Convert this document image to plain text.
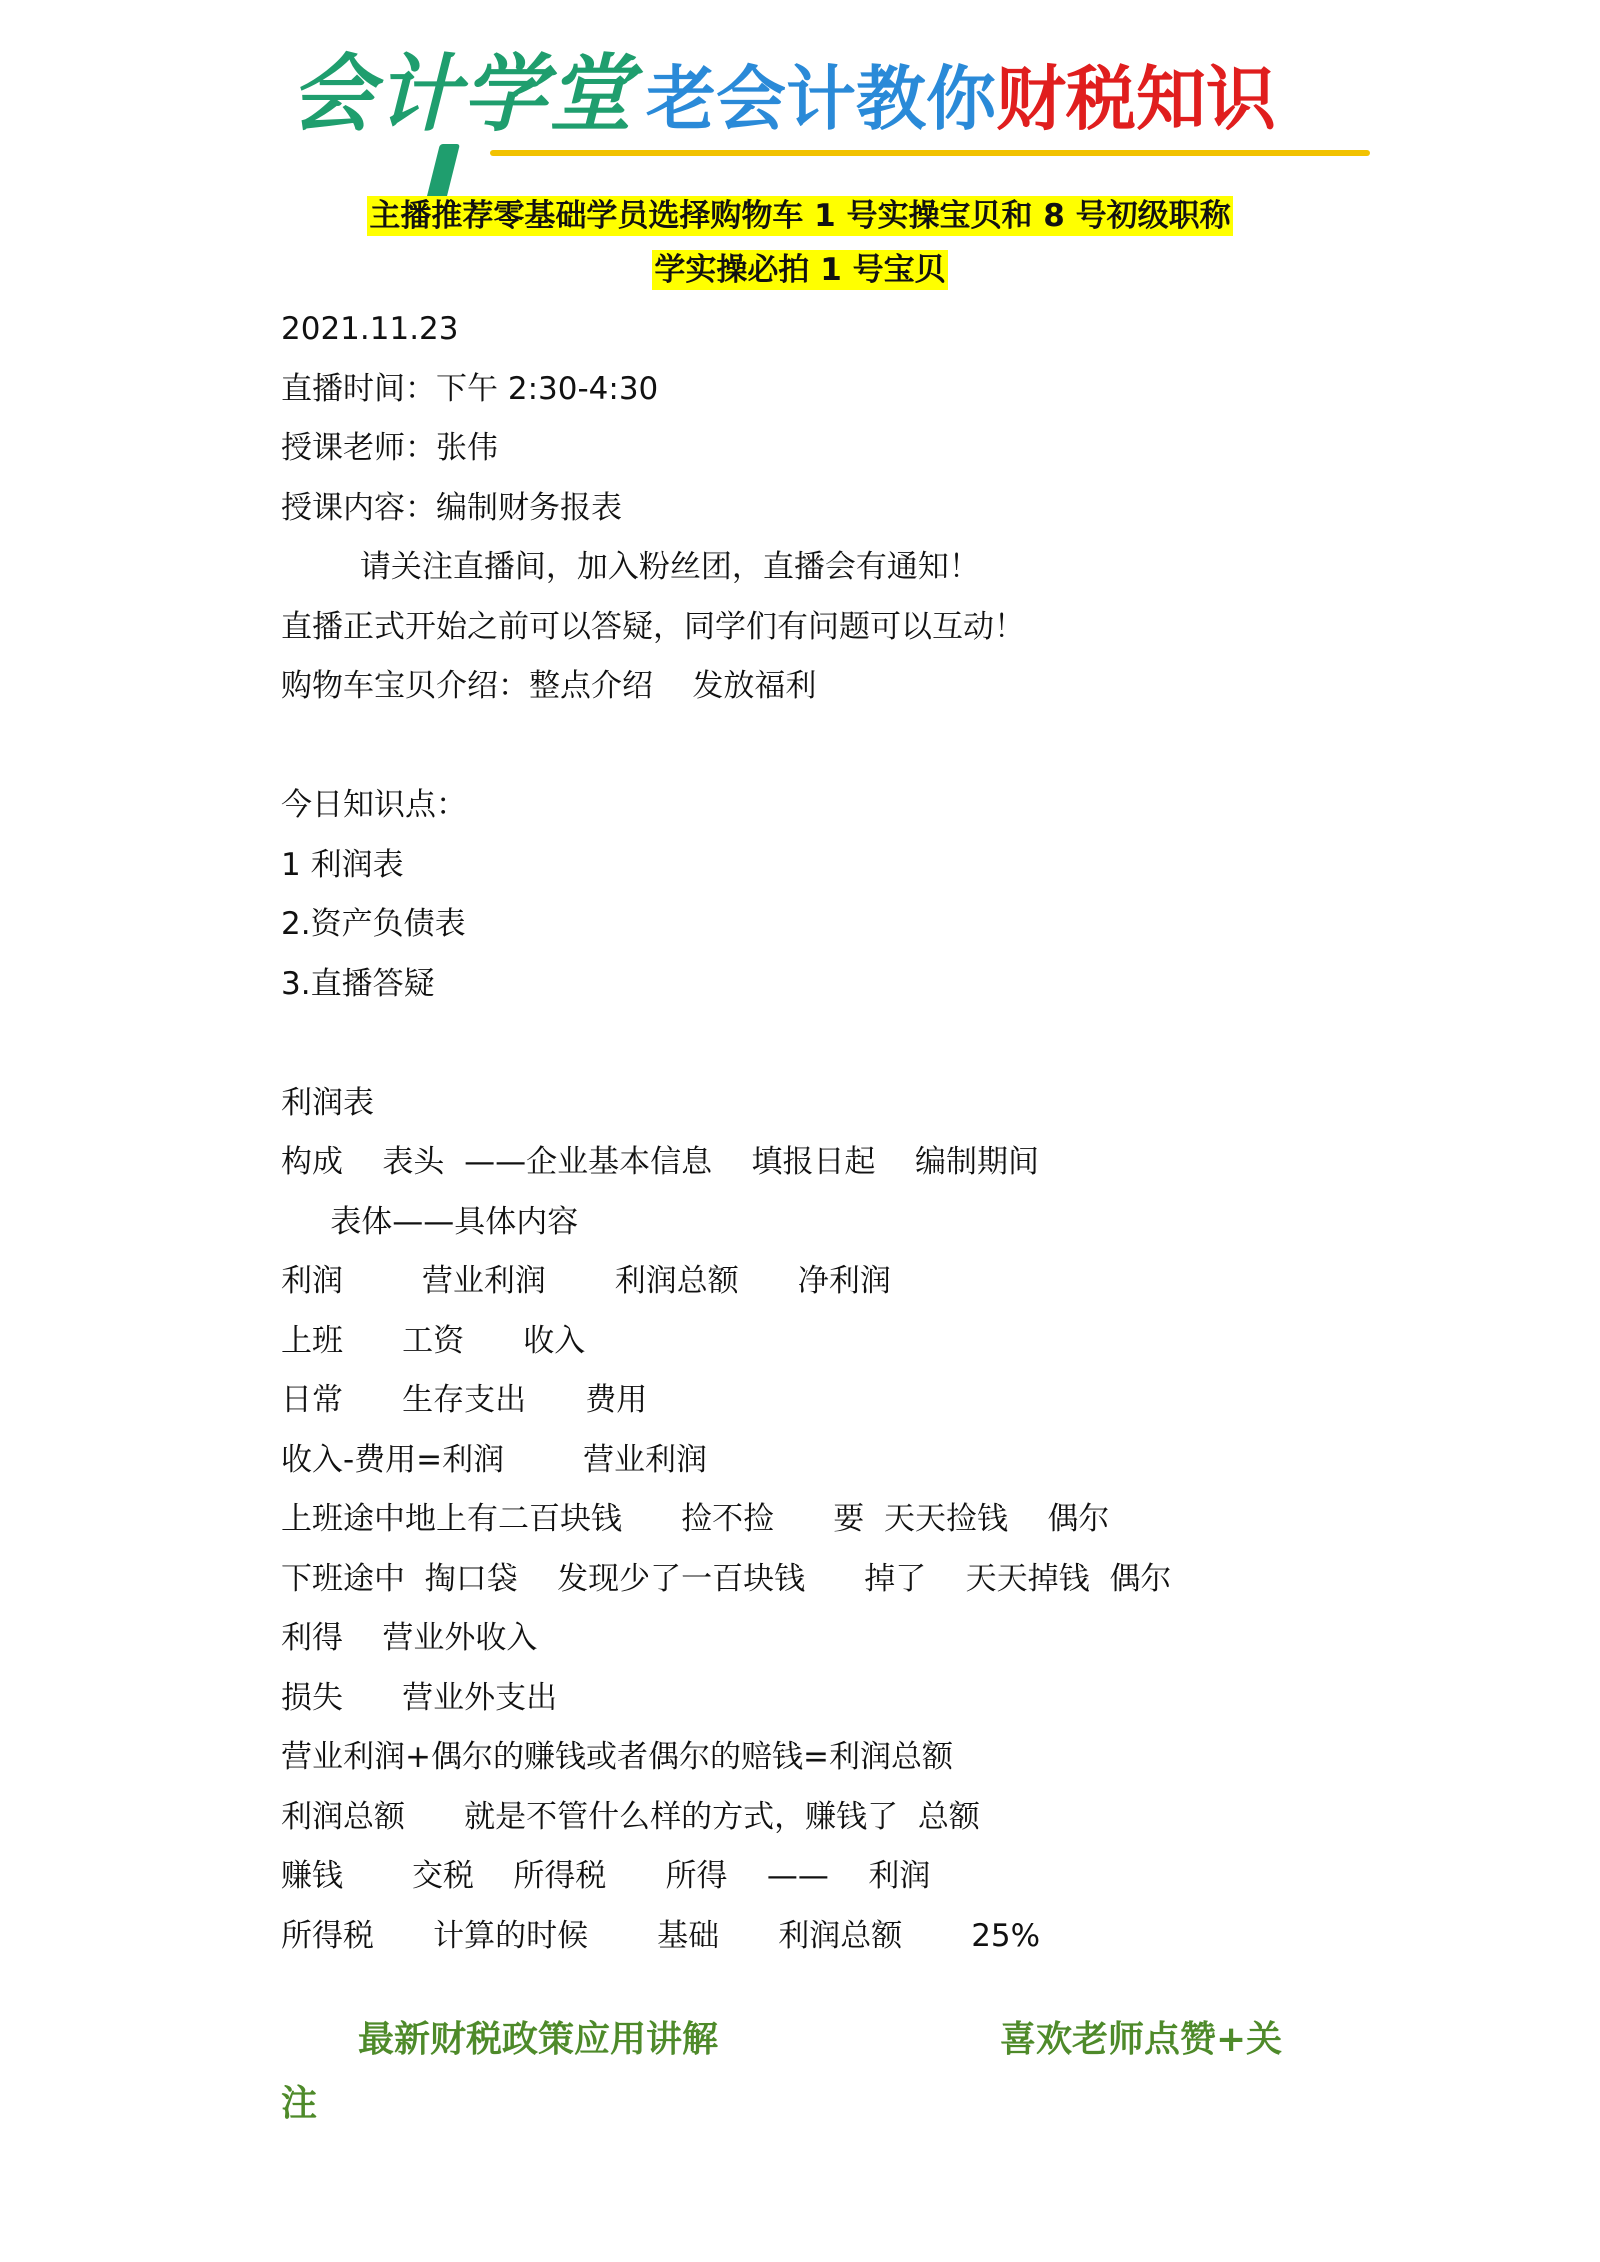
会计学堂 老会计教你财税知识
主播推荐零基础学员选择购物车 1 号实操宝贝和 8 号初级职称
学实操必拍 1 号宝贝
2021.11.23
直播时间：下午 2:30-4:30
授课老师：张伟
授课内容：编制财务报表
请关注直播间，加入粉丝团，直播会有通知！
直播正式开始之前可以答疑，同学们有问题可以互动！
购物车宝贝介绍：整点介绍    发放福利
今日知识点：
1 利润表
2.资产负债表
3.直播答疑
利润表
构成    表头  ——企业基本信息    填报日起    编制期间
表体——具体内容
利润        营业利润       利润总额      净利润
上班      工资      收入
日常      生存支出      费用
收入-费用=利润        营业利润
上班途中地上有二百块钱      捡不捡      要  天天捡钱    偶尔
下班途中  掏口袋    发现少了一百块钱      掉了    天天掉钱  偶尔
利得    营业外收入
损失      营业外支出
营业利润+偶尔的赚钱或者偶尔的赔钱=利润总额
利润总额      就是不管什么样的方式，赚钱了  总额
赚钱       交税    所得税      所得    ——    利润
所得税      计算的时候       基础      利润总额       25%
最新财税政策应用讲解	喜欢老师点赞+关
注
